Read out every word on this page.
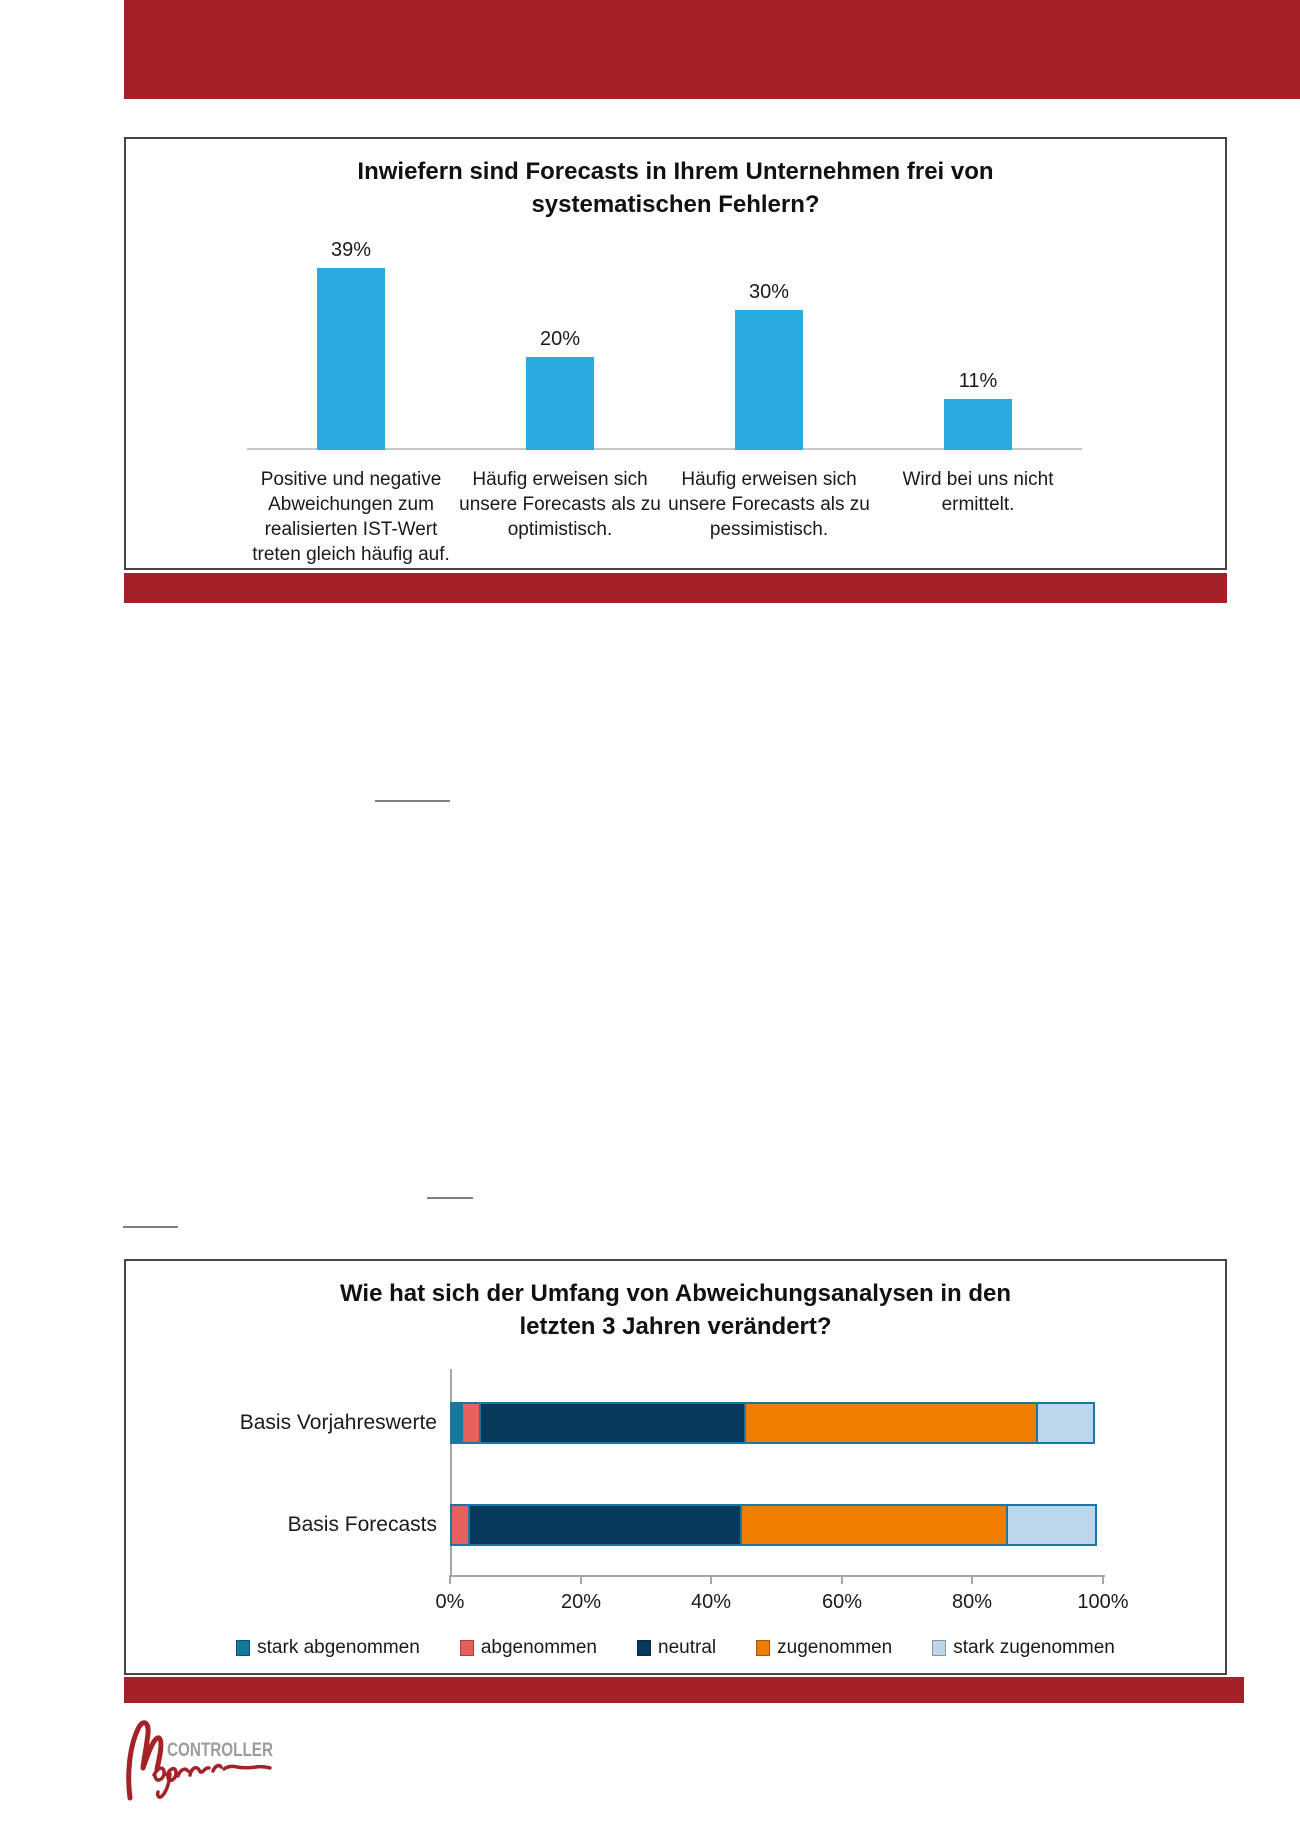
Inwiefern sind Forecasts in Ihrem Unternehmen frei von
systematischen Fehlern?
39%
Positive und negative Abweichungen zum realisierten IST-Wert treten gleich häufig auf.
20%
Häufig erweisen sich unsere Forecasts als zu optimistisch.
30%
Häufig erweisen sich unsere Forecasts als zu pessimistisch.
11%
Wird bei uns nicht ermittelt.
Wie hat sich der Umfang von Abweichungsanalysen in den
letzten 3 Jahren verändert?
0%	20%	40%	60%	80%	100%
Basis Vorjahreswerte
Basis Forecasts
stark abgenommen	abgenommen	neutral	zugenommen	stark zugenommen
CONTROLLER
